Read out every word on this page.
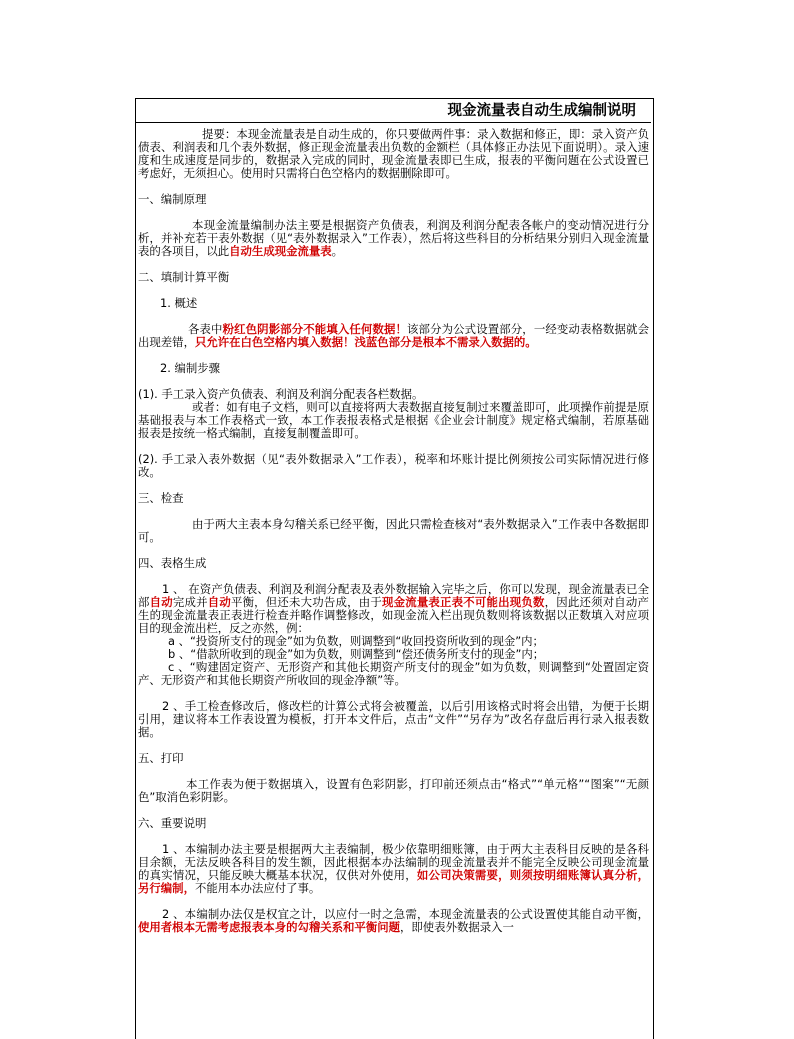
现金流量表自动生成编制说明

提要：本现金流量表是自动生成的，你只要做两件事：录入数据和修正，即：录入资产负债表、利润表和几个表外数据，修正现金流量表出负数的金额栏（具体修正办法见下面说明）。录入速度和生成速度是同步的，数据录入完成的同时，现金流量表即已生成，报表的平衡问题在公式设置已考虑好，无须担心。使用时只需将白色空格内的数据删除即可。

一、编制原理

本现金流量编制办法主要是根据资产负债表，利润及利润分配表各帐户的变动情况进行分析，并补充若干表外数据（见“表外数据录入”工作表），然后将这些科目的分析结果分别归入现金流量表的各项目，以此自动生成现金流量表。

二、填制计算平衡

1. 概述

各表中粉红色阴影部分不能填入任何数据！该部分为公式设置部分，一经变动表格数据就会出现差错，只允许在白色空格内填入数据！浅蓝色部分是根本不需录入数据的。

2. 编制步骤

(1). 手工录入资产负债表、利润及利润分配表各栏数据。

或者：如有电子文档，则可以直接将两大表数据直接复制过来覆盖即可，此项操作前提是原基础报表与本工作表格式一致，本工作表报表格式是根据《企业会计制度》规定格式编制，若原基础报表是按统一格式编制，直接复制覆盖即可。

(2). 手工录入表外数据（见“表外数据录入”工作表），税率和坏账计提比例须按公司实际情况进行修改。

三、检查

由于两大主表本身勾稽关系已经平衡，因此只需检查核对“表外数据录入”工作表中各数据即可。

四、表格生成

1 、 在资产负债表、利润及利润分配表及表外数据输入完毕之后，你可以发现，现金流量表已全部自动完成并自动平衡，但还未大功告成，由于现金流量表正表不可能出现负数，因此还须对自动产生的现金流量表正表进行检查并略作调整修改，如现金流入栏出现负数则将该数据以正数填入对应项目的现金流出栏，反之亦然，例：

a 、“投资所支付的现金”如为负数，则调整到“收回投资所收到的现金”内；

b 、“借款所收到的现金”如为负数，则调整到“偿还债务所支付的现金”内；

c 、“购建固定资产、无形资产和其他长期资产所支付的现金”如为负数，则调整到“处置固定资产、无形资产和其他长期资产所收回的现金净额”等。

2 、手工检查修改后，修改栏的计算公式将会被覆盖，以后引用该格式时将会出错，为便于长期引用，建议将本工作表设置为模板，打开本文件后，点击“文件”“另存为”改名存盘后再行录入报表数据。

五、打印

本工作表为便于数据填入，设置有色彩阴影，打印前还须点击“格式”“单元格”“图案”“无颜色”取消色彩阴影。

六、重要说明

1 、本编制办法主要是根据两大主表编制，极少依靠明细账簿，由于两大主表科目反映的是各科目余额，无法反映各科目的发生额，因此根据本办法编制的现金流量表并不能完全反映公司现金流量的真实情况，只能反映大概基本状况，仅供对外使用，如公司决策需要，则须按明细账簿认真分析，另行编制，不能用本办法应付了事。

2 、本编制办法仅是权宜之计，以应付一时之急需，本现金流量表的公式设置使其能自动平衡，使用者根本无需考虑报表本身的勾稽关系和平衡问题，即使表外数据录入一
